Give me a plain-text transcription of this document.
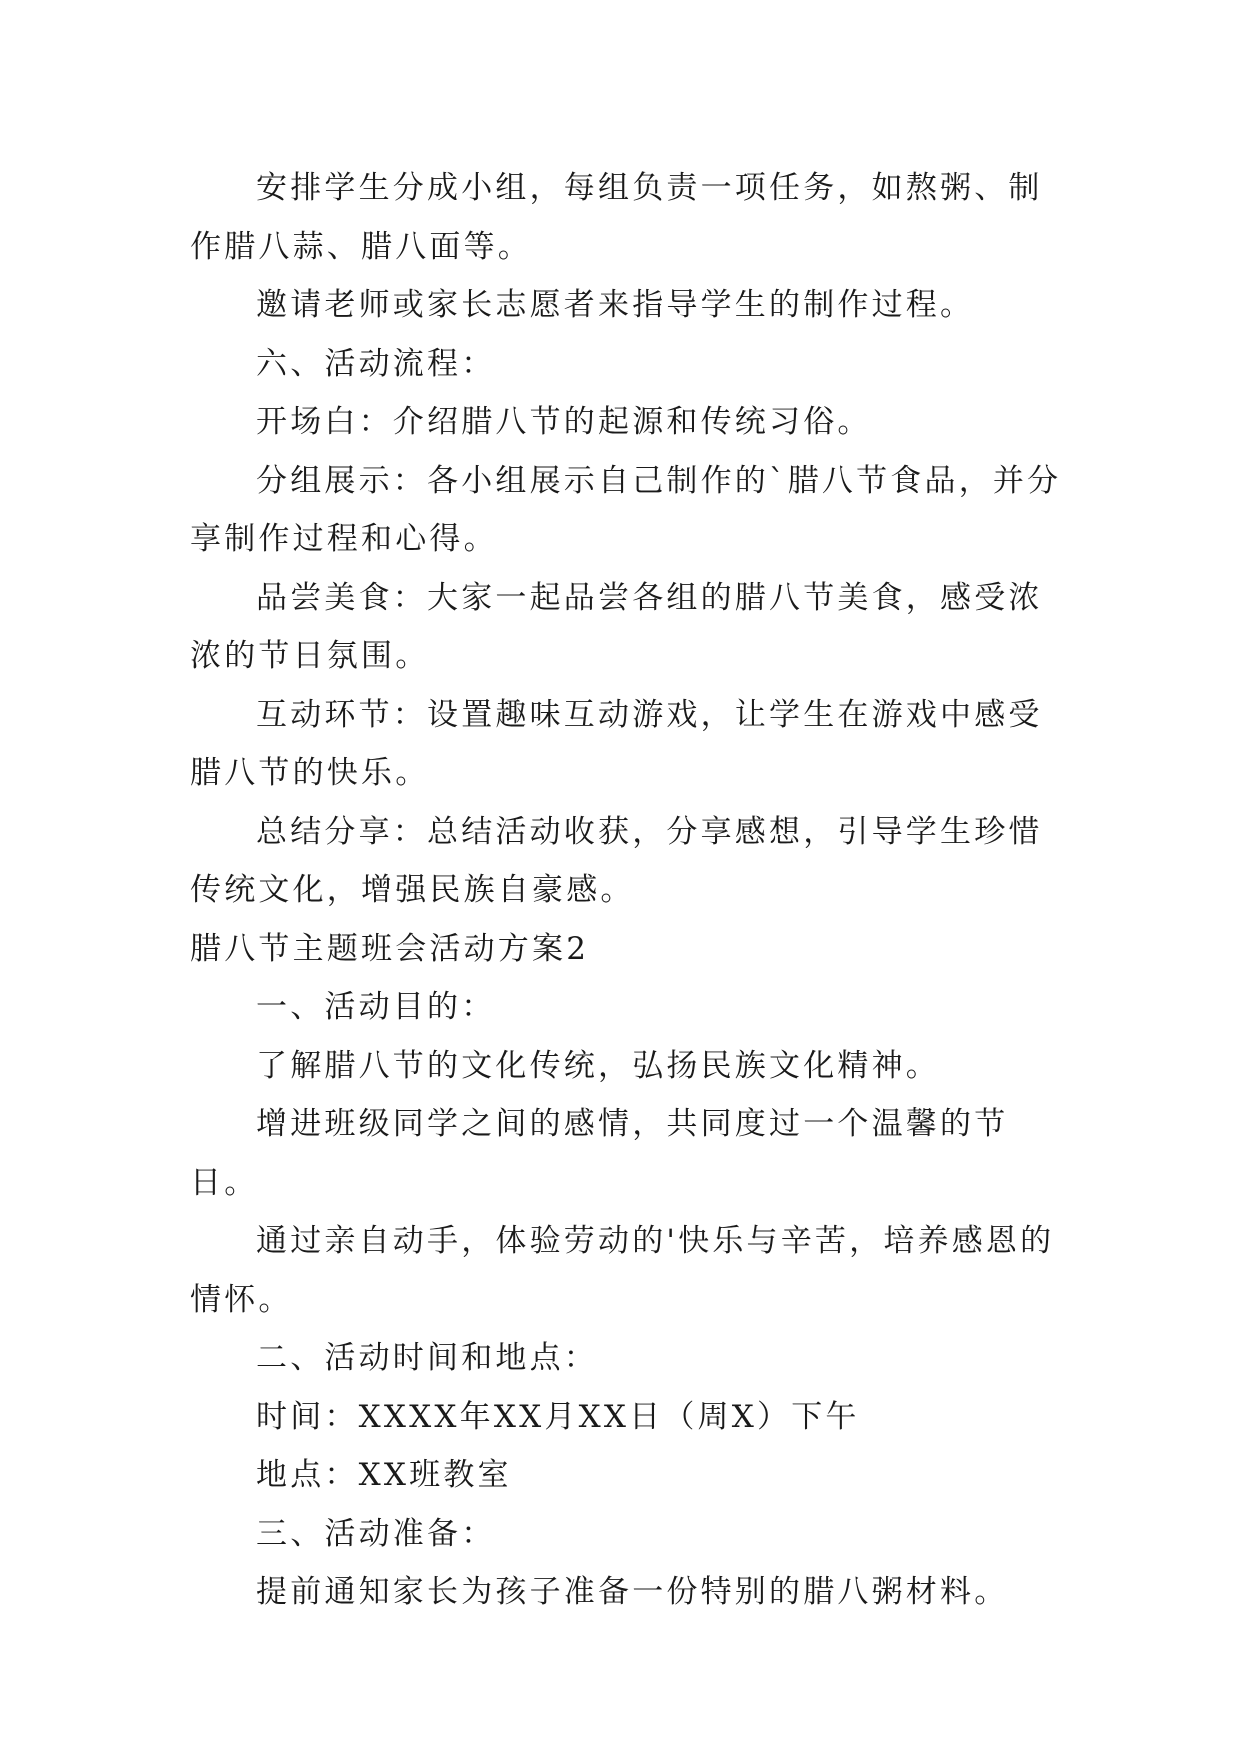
安排学生分成小组，每组负责一项任务，如熬粥、制作腊八蒜、腊八面等。

邀请老师或家长志愿者来指导学生的制作过程。

六、活动流程：

开场白：介绍腊八节的起源和传统习俗。

分组展示：各小组展示自己制作的`腊八节食品，并分享制作过程和心得。

品尝美食：大家一起品尝各组的腊八节美食，感受浓浓的节日氛围。

互动环节：设置趣味互动游戏，让学生在游戏中感受腊八节的快乐。

总结分享：总结活动收获，分享感想，引导学生珍惜传统文化，增强民族自豪感。

腊八节主题班会活动方案2

一、活动目的：

了解腊八节的文化传统，弘扬民族文化精神。

增进班级同学之间的感情，共同度过一个温馨的节日。

通过亲自动手，体验劳动的'快乐与辛苦，培养感恩的情怀。

二、活动时间和地点：

时间：XXXX年XX月XX日（周X）下午

地点：XX班教室

三、活动准备：

提前通知家长为孩子准备一份特别的腊八粥材料。
